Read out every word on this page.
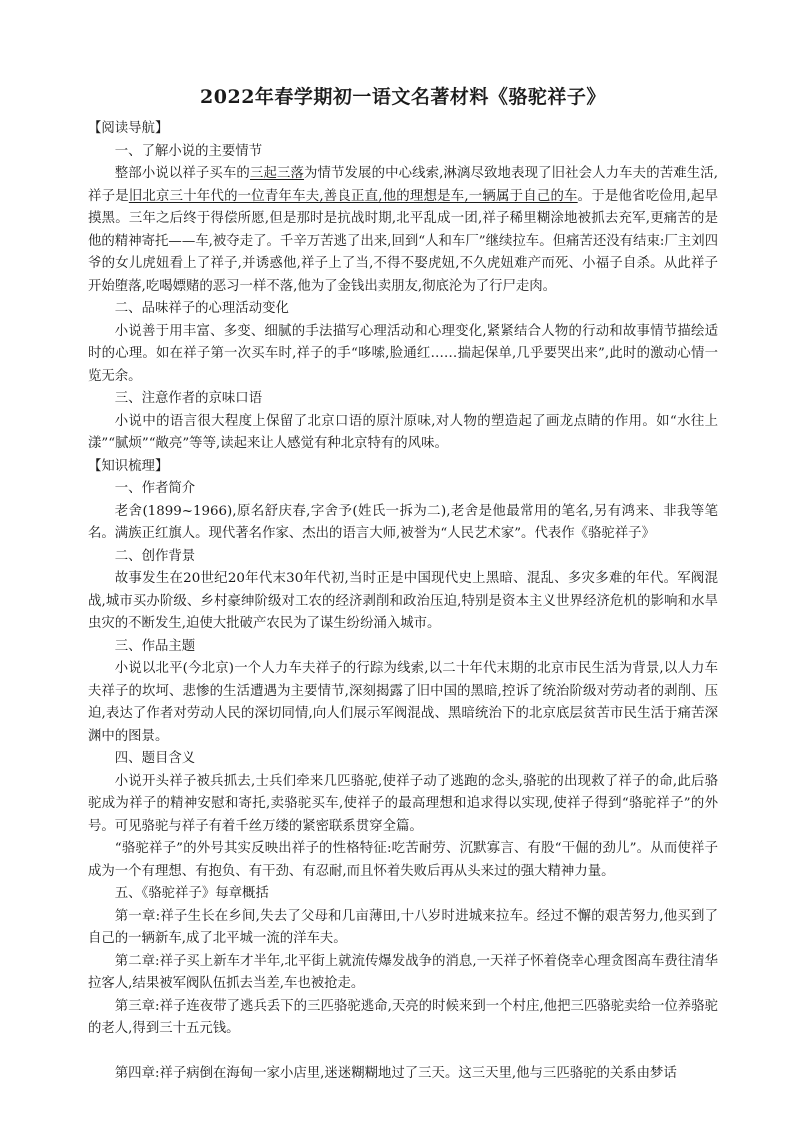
2022年春学期初一语文名著材料《骆驼祥子》

【阅读导航】

一、了解小说的主要情节

整部小说以祥子买车的三起三落为情节发展的中心线索,淋漓尽致地表现了旧社会人力车夫的苦难生活,祥子是旧北京三十年代的一位青年车夫,善良正直,他的理想是车,一辆属于自己的车。于是他省吃俭用,起早摸黑。三年之后终于得偿所愿,但是那时是抗战时期,北平乱成一团,祥子稀里糊涂地被抓去充军,更痛苦的是他的精神寄托——车,被夺走了。千辛万苦逃了出来,回到“人和车厂”继续拉车。但痛苦还没有结束:厂主刘四爷的女儿虎妞看上了祥子,并诱惑他,祥子上了当,不得不娶虎妞,不久虎妞难产而死、小福子自杀。从此祥子开始堕落,吃喝嫖赌的恶习一样不落,他为了金钱出卖朋友,彻底沦为了行尸走肉。

二、品味祥子的心理活动变化

小说善于用丰富、多变、细腻的手法描写心理活动和心理变化,紧紧结合人物的行动和故事情节描绘适时的心理。如在祥子第一次买车时,祥子的手“哆嗦,脸通红……揣起保单,几乎要哭出来”,此时的激动心情一览无余。

三、注意作者的京味口语

小说中的语言很大程度上保留了北京口语的原汁原味,对人物的塑造起了画龙点睛的作用。如“水往上漾”“腻烦”“敞亮”等等,读起来让人感觉有种北京特有的风味。

【知识梳理】

一、作者简介

老舍(1899~1966),原名舒庆春,字舍予(姓氏一拆为二),老舍是他最常用的笔名,另有鸿来、非我等笔名。满族正红旗人。现代著名作家、杰出的语言大师,被誉为“人民艺术家”。代表作《骆驼祥子》

二、创作背景

故事发生在20世纪20年代末30年代初,当时正是中国现代史上黑暗、混乱、多灾多难的年代。军阀混战,城市买办阶级、乡村豪绅阶级对工农的经济剥削和政治压迫,特别是资本主义世界经济危机的影响和水旱虫灾的不断发生,迫使大批破产农民为了谋生纷纷涌入城市。

三、作品主题

小说以北平(今北京)一个人力车夫祥子的行踪为线索,以二十年代末期的北京市民生活为背景,以人力车夫祥子的坎坷、悲惨的生活遭遇为主要情节,深刻揭露了旧中国的黑暗,控诉了统治阶级对劳动者的剥削、压迫,表达了作者对劳动人民的深切同情,向人们展示军阀混战、黑暗统治下的北京底层贫苦市民生活于痛苦深渊中的图景。

四、题目含义

小说开头祥子被兵抓去,士兵们牵来几匹骆驼,使祥子动了逃跑的念头,骆驼的出现救了祥子的命,此后骆驼成为祥子的精神安慰和寄托,卖骆驼买车,使祥子的最高理想和追求得以实现,使祥子得到“骆驼祥子”的外号。可见骆驼与祥子有着千丝万缕的紧密联系贯穿全篇。

“骆驼祥子”的外号其实反映出祥子的性格特征:吃苦耐劳、沉默寡言、有股“干倔的劲儿”。从而使祥子成为一个有理想、有抱负、有干劲、有忍耐,而且怀着失败后再从头来过的强大精神力量。

五、《骆驼祥子》每章概括

第一章:祥子生长在乡间,失去了父母和几亩薄田,十八岁时进城来拉车。经过不懈的艰苦努力,他买到了自己的一辆新车,成了北平城一流的洋车夫。

第二章:祥子买上新车才半年,北平街上就流传爆发战争的消息,一天祥子怀着侥幸心理贪图高车费往清华拉客人,结果被军阀队伍抓去当差,车也被抢走。

第三章:祥子连夜带了逃兵丢下的三匹骆驼逃命,天亮的时候来到一个村庄,他把三匹骆驼卖给一位养骆驼的老人,得到三十五元钱。

第四章:祥子病倒在海甸一家小店里,迷迷糊糊地过了三天。这三天里,他与三匹骆驼的关系由梦话
